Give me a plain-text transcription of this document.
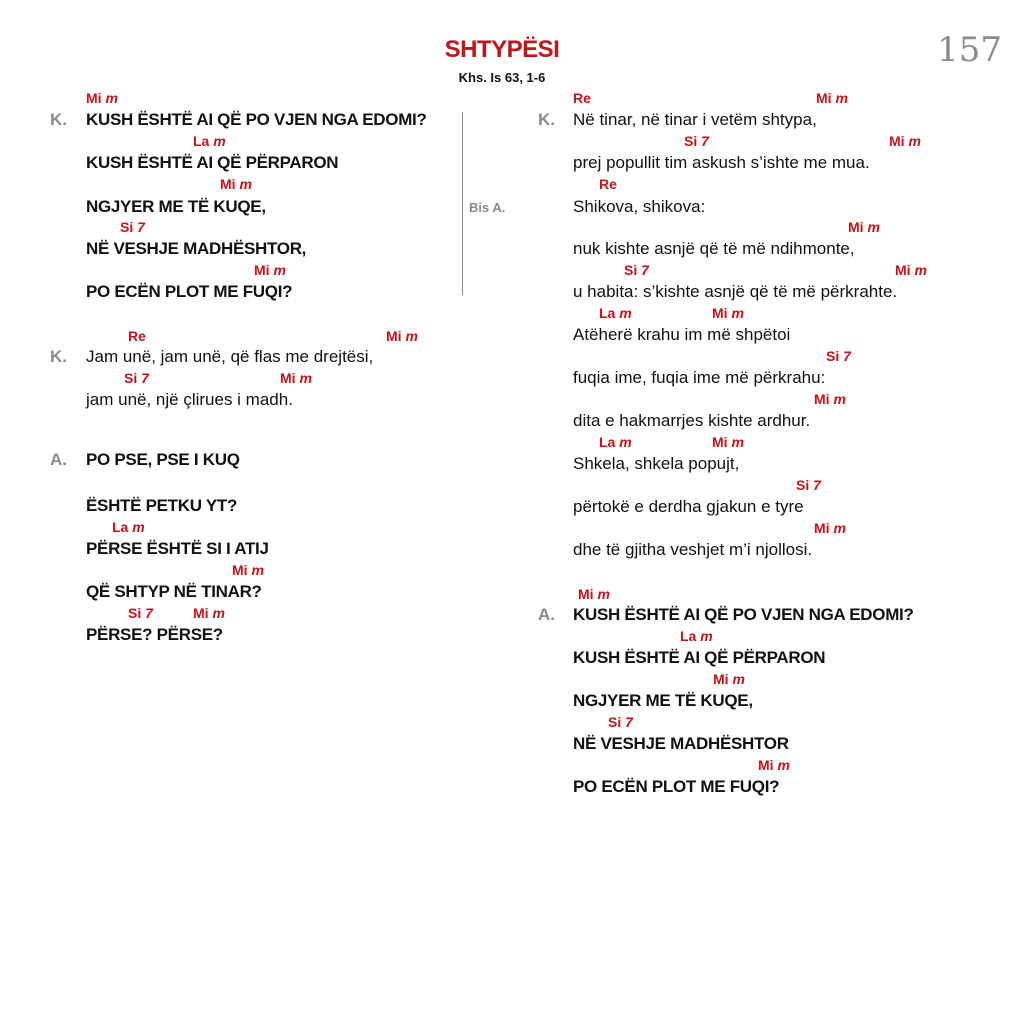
SHTYPËSI
Khs. Is 63, 1-6
157
K.
Mi m
KUSH ËSHTË AI QË PO VJEN NGA EDOMI?
La m
KUSH ËSHTË AI QË PËRPARON
Mi m
NGJYER ME TË KUQE,
Si 7
NË VESHJE MADHËSHTOR,
Mi m
PO ECËN PLOT ME FUQI?
Re	Mi m
K. Jam unë, jam unë, që flas me drejtësi,
Si 7	Mi m
jam unë, një çlirues i madh.
A. PO PSE, PSE I KUQ
ËSHTË PETKU YT?
La m
PËRSE ËSHTË SI I ATIJ
Mi m
QË SHTYP NË TINAR?
Si 7	Mi m
PËRSE? PËRSE?
Bis A.
K.
Re	Mi m
Në tinar, në tinar i vetëm shtypa,
Si 7	Mi m
prej popullit tim askush s’ishte me mua.
Re
Shikova, shikova:
Mi m
nuk kishte asnjë që të më ndihmonte,
Si 7	Mi m
u habita: s’kishte asnjë që të më përkrahte.
La m	Mi m
Atëherë krahu im më shpëtoi
Si 7
fuqia ime, fuqia ime më përkrahu:
Mi m
dita e hakmarrjes kishte ardhur.
La m	Mi m
Shkela, shkela popujt,
Si 7
përtokë e derdha gjakun e tyre
Mi m
dhe të gjitha veshjet m’i njollosi.
Mi m
A. KUSH ËSHTË AI QË PO VJEN NGA EDOMI?
La m
KUSH ËSHTË AI QË PËRPARON
Mi m
NGJYER ME TË KUQE,
Si 7
NË VESHJE MADHËSHTOR
Mi m
PO ECËN PLOT ME FUQI?
